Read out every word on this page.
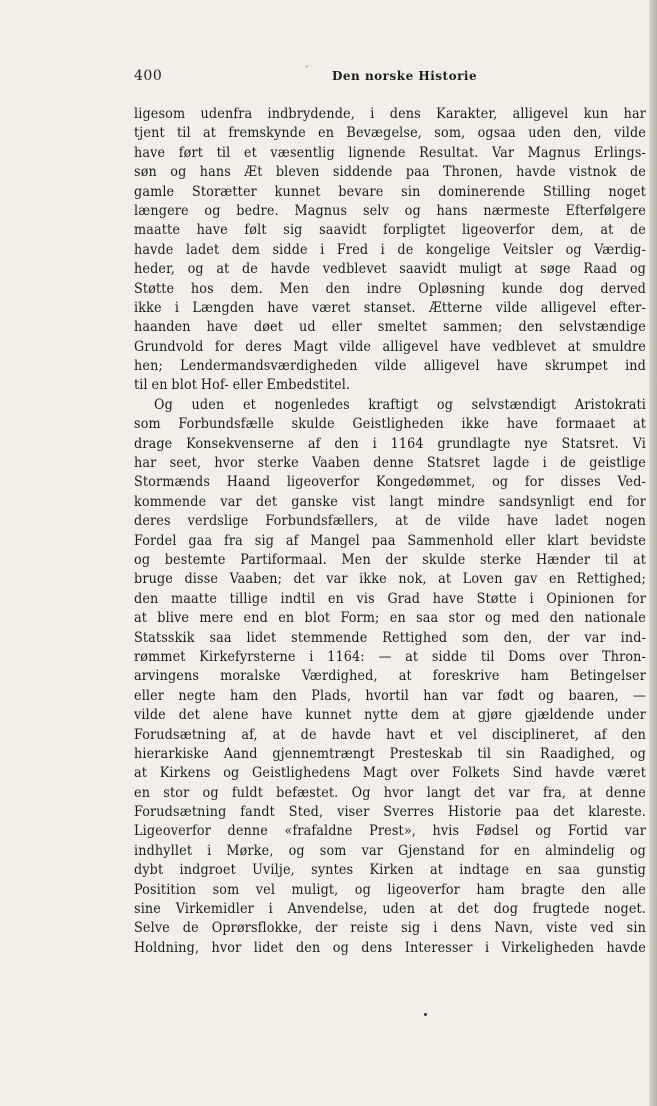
400	ˊ Den norske Historie
ligesom udenfra indbrydende, i dens Karakter, alligevel kun har
tjent til at fremskynde en Bevægelse, som, ogsaa uden den, vilde
have ført til et væsentlig lignende Resultat. Var Magnus Erlings-
søn og hans Æt bleven siddende paa Thronen, havde vistnok de
gamle Storætter kunnet bevare sin dominerende Stilling noget
længere og bedre. Magnus selv og hans nærmeste Efterfølgere
maatte have følt sig saavidt forpligtet ligeoverfor dem, at de
havde ladet dem sidde i Fred i de kongelige Veitsler og Værdig-
heder, og at de havde vedblevet saavidt muligt at søge Raad og
Støtte hos dem. Men den indre Opløsning kunde dog derved
ikke i Længden have været stanset. Ætterne vilde alligevel efter-
haanden have døet ud eller smeltet sammen; den selvstændige
Grundvold for deres Magt vilde alligevel have vedblevet at smuldre
hen; Lendermandsværdigheden vilde alligevel have skrumpet ind
til en blot Hof- eller Embedstitel.
Og uden et nogenledes kraftigt og selvstændigt Aristokrati
som Forbundsfælle skulde Geistligheden ikke have formaaet at
drage Konsekvenserne af den i 1164 grundlagte nye Statsret. Vi
har seet, hvor sterke Vaaben denne Statsret lagde i de geistlige
Stormænds Haand ligeoverfor Kongedømmet, og for disses Ved-
kommende var det ganske vist langt mindre sandsynligt end for
deres verdslige Forbundsfællers, at de vilde have ladet nogen
Fordel gaa fra sig af Mangel paa Sammenhold eller klart bevidste
og bestemte Partiformaal. Men der skulde sterke Hænder til at
bruge disse Vaaben; det var ikke nok, at Loven gav en Rettighed;
den maatte tillige indtil en vis Grad have Støtte i Opinionen for
at blive mere end en blot Form; en saa stor og med den nationale
Statsskik saa lidet stemmende Rettighed som den, der var ind-
rømmet Kirkefyrsterne i 1164: — at sidde til Doms over Thron-
arvingens moralske Værdighed, at foreskrive ham Betingelser
eller negte ham den Plads, hvortil han var født og baaren, —
vilde det alene have kunnet nytte dem at gjøre gjældende under
Forudsætning af, at de havde havt et vel disciplineret, af den
hierarkiske Aand gjennemtrængt Presteskab til sin Raadighed, og
at Kirkens og Geistlighedens Magt over Folkets Sind havde været
en stor og fuldt befæstet. Og hvor langt det var fra, at denne
Forudsætning fandt Sted, viser Sverres Historie paa det klareste.
Ligeoverfor denne «frafaldne Prest», hvis Fødsel og Fortid var
indhyllet i Mørke, og som var Gjenstand for en almindelig og
dybt indgroet Uvilje, syntes Kirken at indtage en saa gunstig
Positition som vel muligt, og ligeoverfor ham bragte den alle
sine Virkemidler i Anvendelse, uden at det dog frugtede noget.
Selve de Oprørsflokke, der reiste sig i dens Navn, viste ved sin
Holdning, hvor lidet den og dens Interesser i Virkeligheden havde
